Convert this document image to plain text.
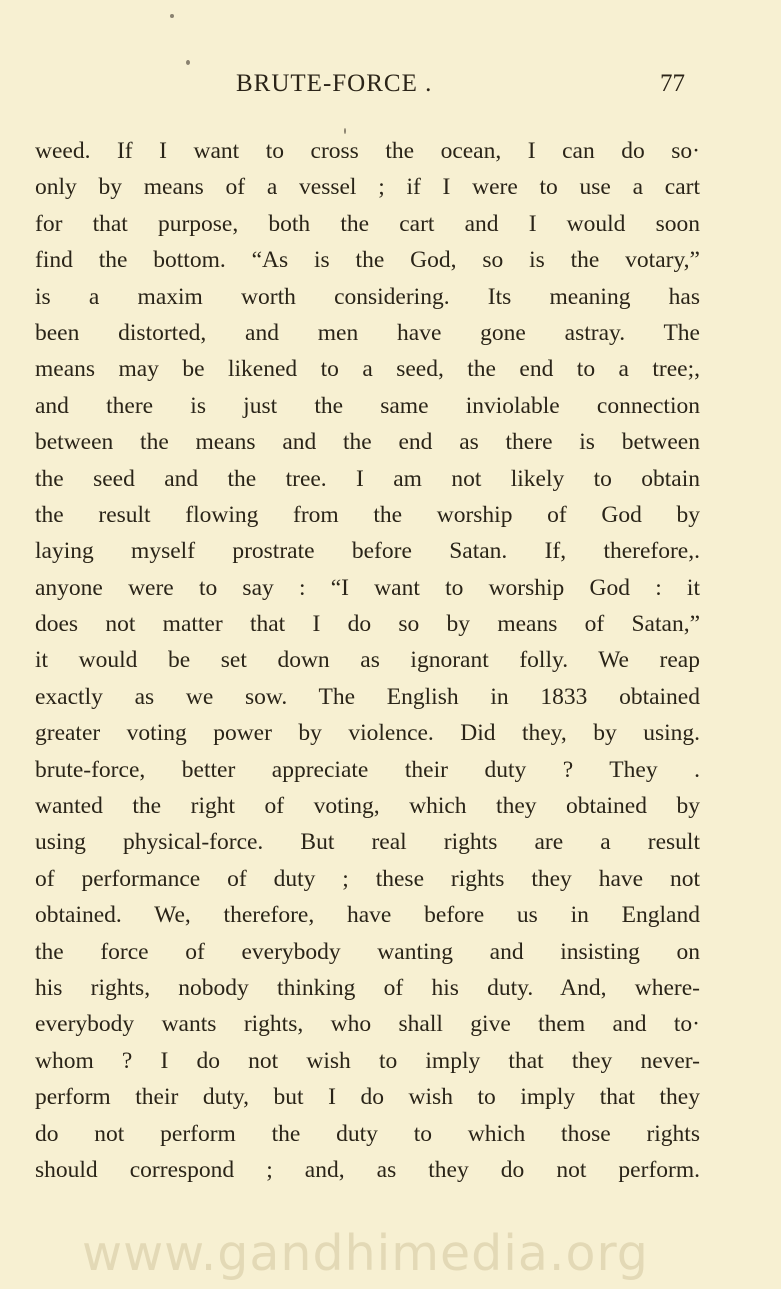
BRUTE-FORCE .	77
weed. If I want to cross the ocean, I can do so·
only by means of a vessel ; if I were to use a cart
for that purpose, both the cart and I would soon
find the bottom. “As is the God, so is the votary,”
is a maxim worth considering. Its meaning has
been distorted, and men have gone astray. The
means may be likened to a seed, the end to a tree;,
and there is just the same inviolable connection
between the means and the end as there is between
the seed and the tree. I am not likely to obtain
the result flowing from the worship of God by
laying myself prostrate before Satan. If, therefore,.
anyone were to say : “I want to worship God : it
does not matter that I do so by means of Satan,”
it would be set down as ignorant folly. We reap
exactly as we sow. The English in 1833 obtained
greater voting power by violence. Did they, by using.
brute-force, better appreciate their duty ? They .
wanted the right of voting, which they obtained by
using physical-force. But real rights are a result
of performance of duty ; these rights they have not
obtained. We, therefore, have before us in England
the force of everybody wanting and insisting on
his rights, nobody thinking of his duty. And, where-
everybody wants rights, who shall give them and to·
whom ? I do not wish to imply that they never-
perform their duty, but I do wish to imply that they
do not perform the duty to which those rights
should correspond ; and, as they do not perform.
www.gandhimedia.org
